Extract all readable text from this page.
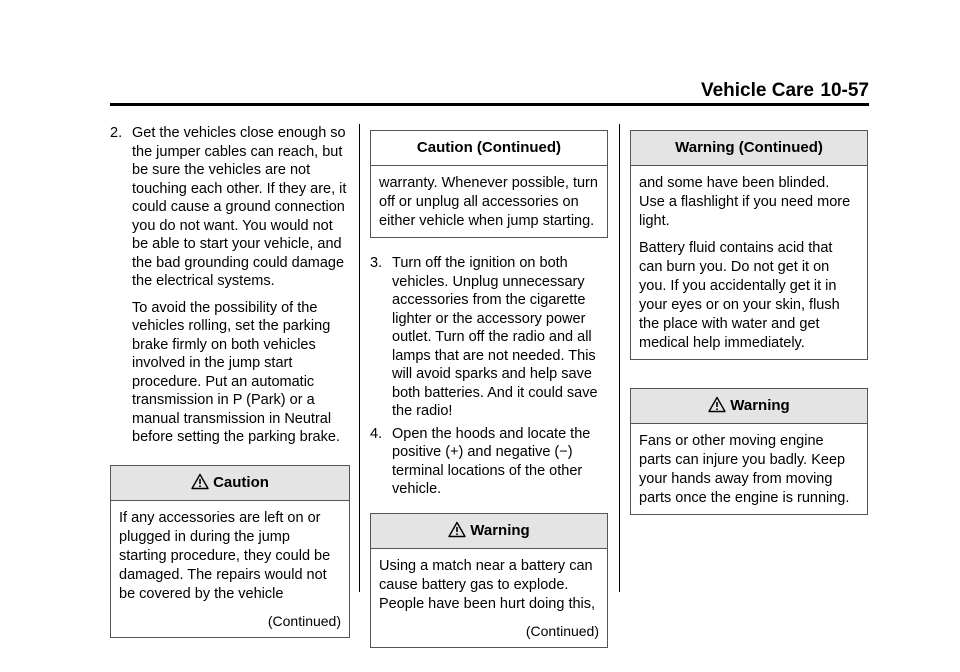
Vehicle Care 10-57
2. Get the vehicles close enough so the jumper cables can reach, but be sure the vehicles are not touching each other. If they are, it could cause a ground connection you do not want. You would not be able to start your vehicle, and the bad grounding could damage the electrical systems.
To avoid the possibility of the vehicles rolling, set the parking brake firmly on both vehicles involved in the jump start procedure. Put an automatic transmission in P (Park) or a manual transmission in Neutral before setting the parking brake.
Caution

If any accessories are left on or plugged in during the jump starting procedure, they could be damaged. The repairs would not be covered by the vehicle

(Continued)
Caution (Continued)

warranty. Whenever possible, turn off or unplug all accessories on either vehicle when jump starting.

3. Turn off the ignition on both vehicles. Unplug unnecessary accessories from the cigarette lighter or the accessory power outlet. Turn off the radio and all lamps that are not needed. This will avoid sparks and help save both batteries. And it could save the radio!
4. Open the hoods and locate the positive (+) and negative (−) terminal locations of the other vehicle.
Warning

Using a match near a battery can cause battery gas to explode. People have been hurt doing this,

(Continued)
Warning (Continued)

and some have been blinded. Use a flashlight if you need more light.

Battery fluid contains acid that can burn you. Do not get it on you. If you accidentally get it in your eyes or on your skin, flush the place with water and get medical help immediately.

Warning

Fans or other moving engine parts can injure you badly. Keep your hands away from moving parts once the engine is running.
